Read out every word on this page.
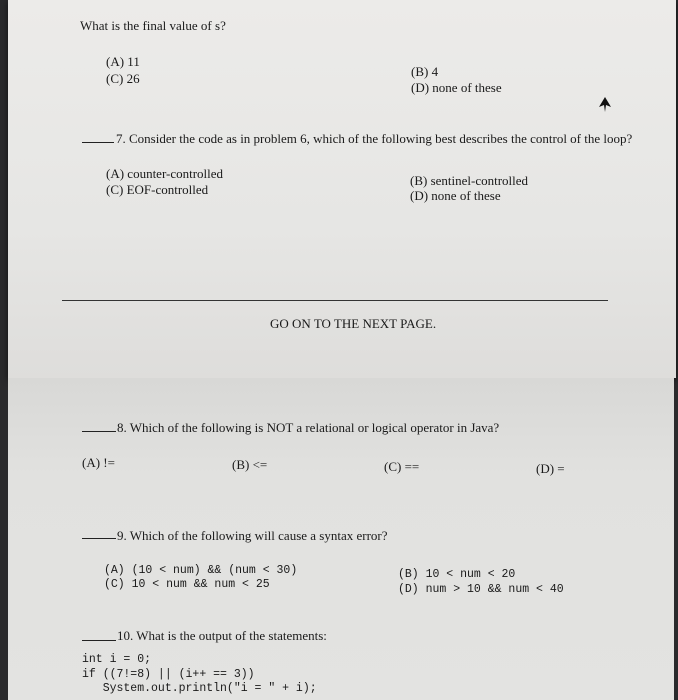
What is the final value of s?
(A) 11
(C) 26	(B) 4
(D) none of these
7. Consider the code as in problem 6, which of the following best describes the control of the loop?
(A) counter-controlled
(C) EOF-controlled
(B) sentinel-controlled
(D) none of these
GO ON TO THE NEXT PAGE.
8. Which of the following is NOT a relational or logical operator in Java?
(A) !=	(B) <=	(C) ==	(D) =
9. Which of the following will cause a syntax error?
(A) (10 < num) && (num < 30)
(C) 10 < num && num < 25
(B) 10 < num < 20
(D) num > 10 && num < 40
10. What is the output of the statements:
int i = 0;
if ((7!=8) || (i++ == 3))
System.out.println("i = " + i);
